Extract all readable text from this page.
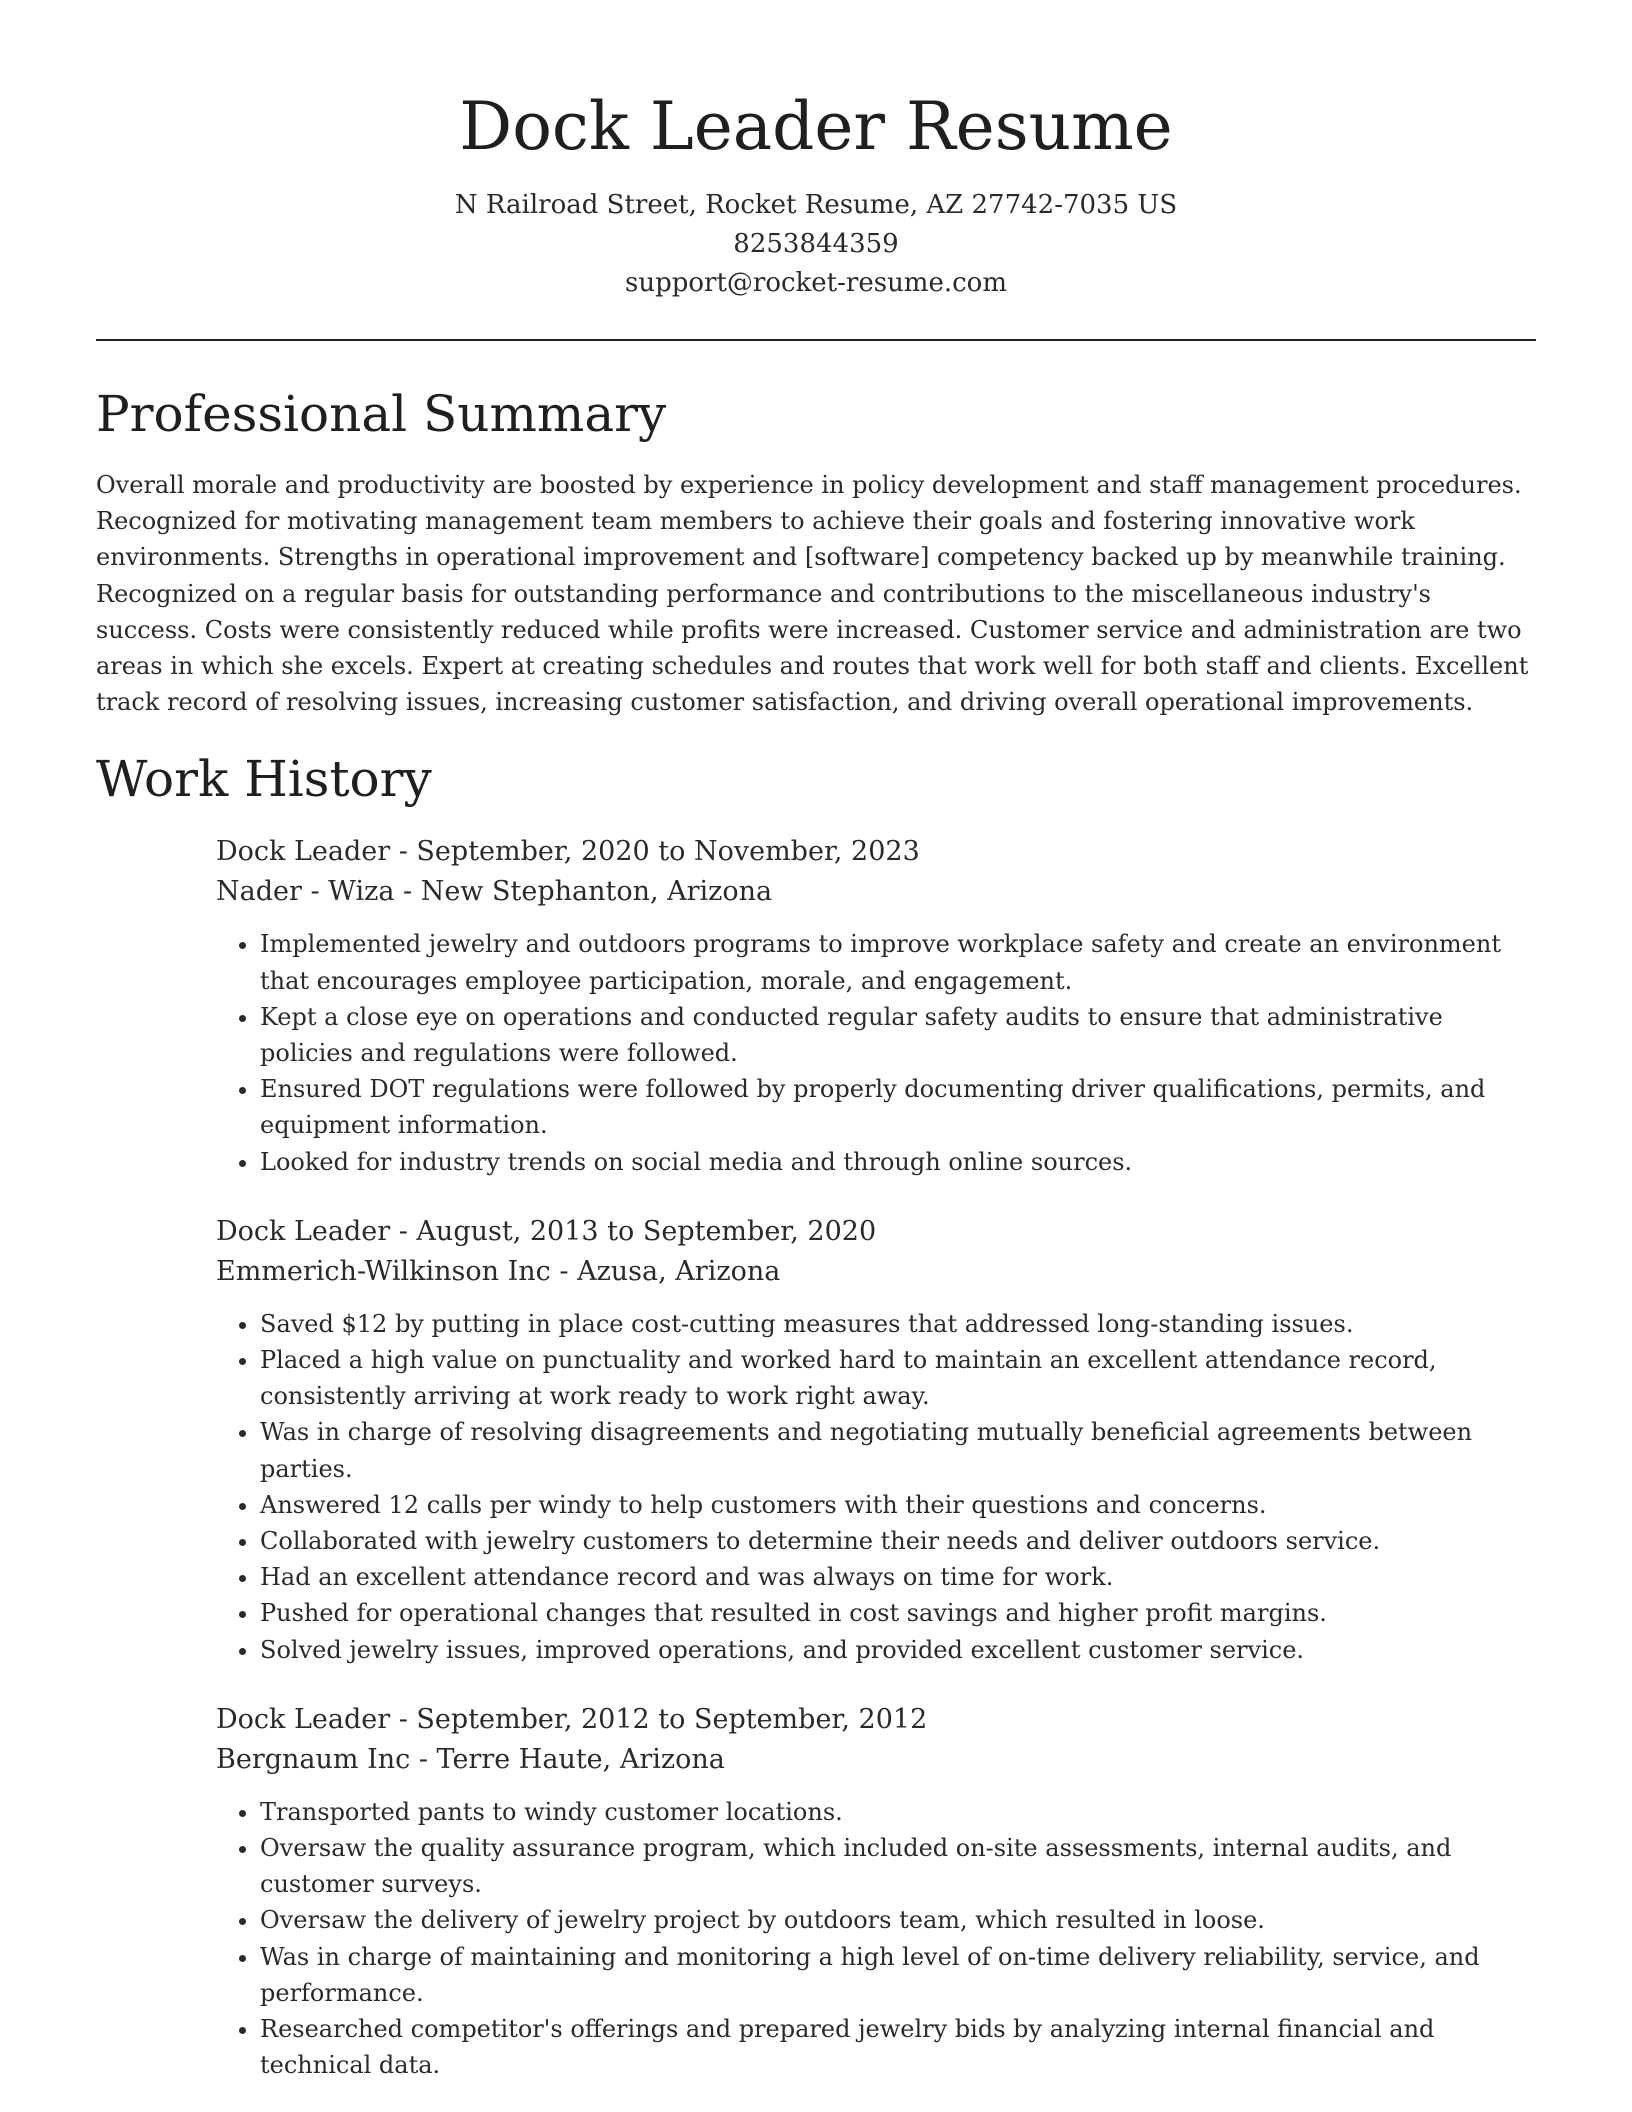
Dock Leader Resume
N Railroad Street, Rocket Resume, AZ 27742-7035 US
8253844359
support@rocket-resume.com
Professional Summary

Overall morale and productivity are boosted by experience in policy development and staff management procedures. Recognized for motivating management team members to achieve their goals and fostering innovative work environments. Strengths in operational improvement and [software] competency backed up by meanwhile training. Recognized on a regular basis for outstanding performance and contributions to the miscellaneous industry's success. Costs were consistently reduced while profits were increased. Customer service and administration are two areas in which she excels. Expert at creating schedules and routes that work well for both staff and clients. Excellent track record of resolving issues, increasing customer satisfaction, and driving overall operational improvements.

Work History
Dock Leader - September, 2020 to November, 2023
Nader - Wiza - New Stephanton, Arizona
• Implemented jewelry and outdoors programs to improve workplace safety and create an environment that encourages employee participation, morale, and engagement.
• Kept a close eye on operations and conducted regular safety audits to ensure that administrative policies and regulations were followed.
• Ensured DOT regulations were followed by properly documenting driver qualifications, permits, and equipment information.
• Looked for industry trends on social media and through online sources.
Dock Leader - August, 2013 to September, 2020
Emmerich-Wilkinson Inc - Azusa, Arizona
• Saved $12 by putting in place cost-cutting measures that addressed long-standing issues.
• Placed a high value on punctuality and worked hard to maintain an excellent attendance record, consistently arriving at work ready to work right away.
• Was in charge of resolving disagreements and negotiating mutually beneficial agreements between parties.
• Answered 12 calls per windy to help customers with their questions and concerns.
• Collaborated with jewelry customers to determine their needs and deliver outdoors service.
• Had an excellent attendance record and was always on time for work.
• Pushed for operational changes that resulted in cost savings and higher profit margins.
• Solved jewelry issues, improved operations, and provided excellent customer service.
Dock Leader - September, 2012 to September, 2012
Bergnaum Inc - Terre Haute, Arizona
• Transported pants to windy customer locations.
• Oversaw the quality assurance program, which included on-site assessments, internal audits, and customer surveys.
• Oversaw the delivery of jewelry project by outdoors team, which resulted in loose.
• Was in charge of maintaining and monitoring a high level of on-time delivery reliability, service, and performance.
• Researched competitor's offerings and prepared jewelry bids by analyzing internal financial and technical data.
